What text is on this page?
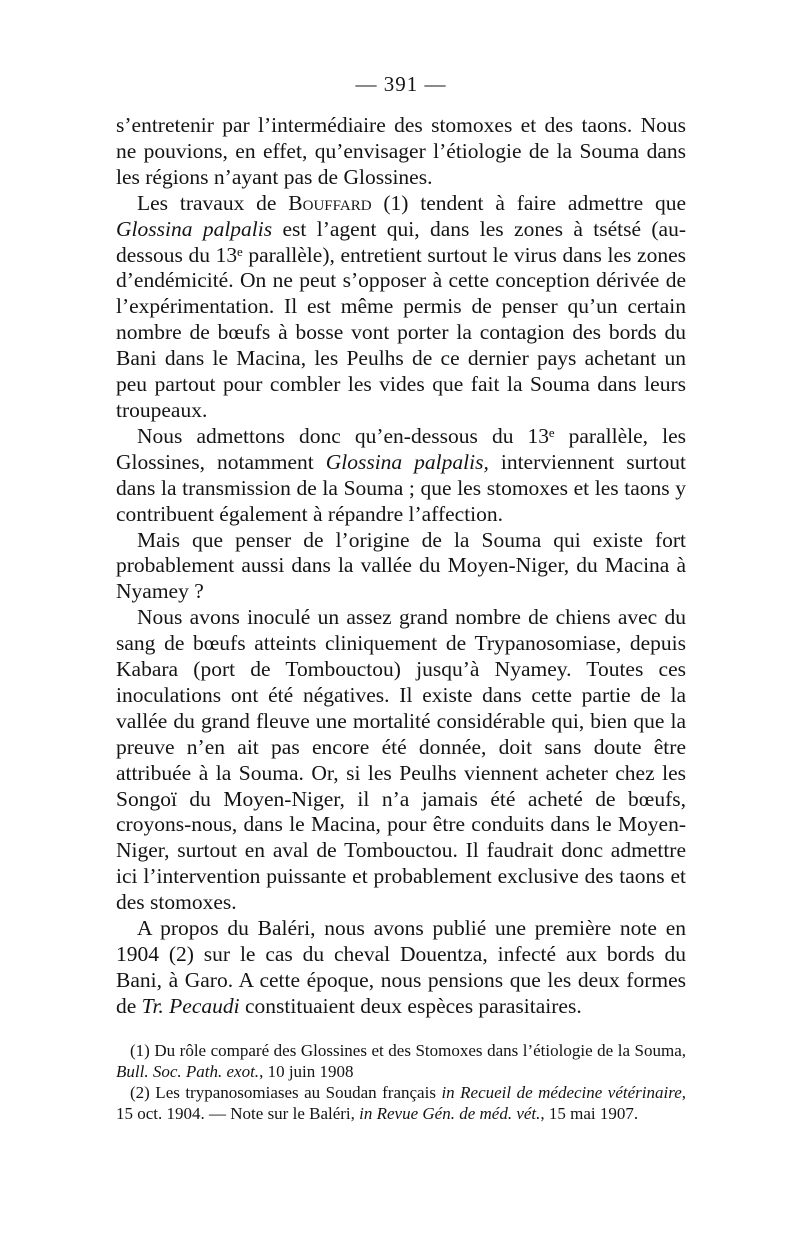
— 391 —

s’entretenir par l’intermédiaire des stomoxes et des taons. Nous ne pouvions, en effet, qu’envisager l’étiologie de la Souma dans les régions n’ayant pas de Glossines.

Les travaux de Bouffard (1) tendent à faire admettre que Glossina palpalis est l’agent qui, dans les zones à tsétsé (au-dessous du 13ᵉ parallèle), entretient surtout le virus dans les zones d’endémicité. On ne peut s’opposer à cette conception dérivée de l’expérimentation. Il est même permis de penser qu’un certain nombre de bœufs à bosse vont porter la contagion des bords du Bani dans le Macina, les Peulhs de ce dernier pays achetant un peu partout pour combler les vides que fait la Souma dans leurs troupeaux.

Nous admettons donc qu’en-dessous du 13ᵉ parallèle, les Glossines, notamment Glossina palpalis, interviennent surtout dans la transmission de la Souma ; que les stomoxes et les taons y contribuent également à répandre l’affection.

Mais que penser de l’origine de la Souma qui existe fort probablement aussi dans la vallée du Moyen-Niger, du Macina à Nyamey ?

Nous avons inoculé un assez grand nombre de chiens avec du sang de bœufs atteints cliniquement de Trypanosomiase, depuis Kabara (port de Tombouctou) jusqu’à Nyamey. Toutes ces inoculations ont été négatives. Il existe dans cette partie de la vallée du grand fleuve une mortalité considérable qui, bien que la preuve n’en ait pas encore été donnée, doit sans doute être attribuée à la Souma. Or, si les Peulhs viennent acheter chez les Songoï du Moyen-Niger, il n’a jamais été acheté de bœufs, croyons-nous, dans le Macina, pour être conduits dans le Moyen-Niger, surtout en aval de Tombouctou. Il faudrait donc admettre ici l’intervention puissante et probablement exclusive des taons et des stomoxes.

A propos du Baléri, nous avons publié une première note en 1904 (2) sur le cas du cheval Douentza, infecté aux bords du Bani, à Garo. A cette époque, nous pensions que les deux formes de Tr. Pecaudi constituaient deux espèces parasitaires.

(1) Du rôle comparé des Glossines et des Stomoxes dans l’étiologie de la Souma, Bull. Soc. Path. exot., 10 juin 1908

(2) Les trypanosomiases au Soudan français in Recueil de médecine vétérinaire, 15 oct. 1904. — Note sur le Baléri, in Revue Gén. de méd. vét., 15 mai 1907.
